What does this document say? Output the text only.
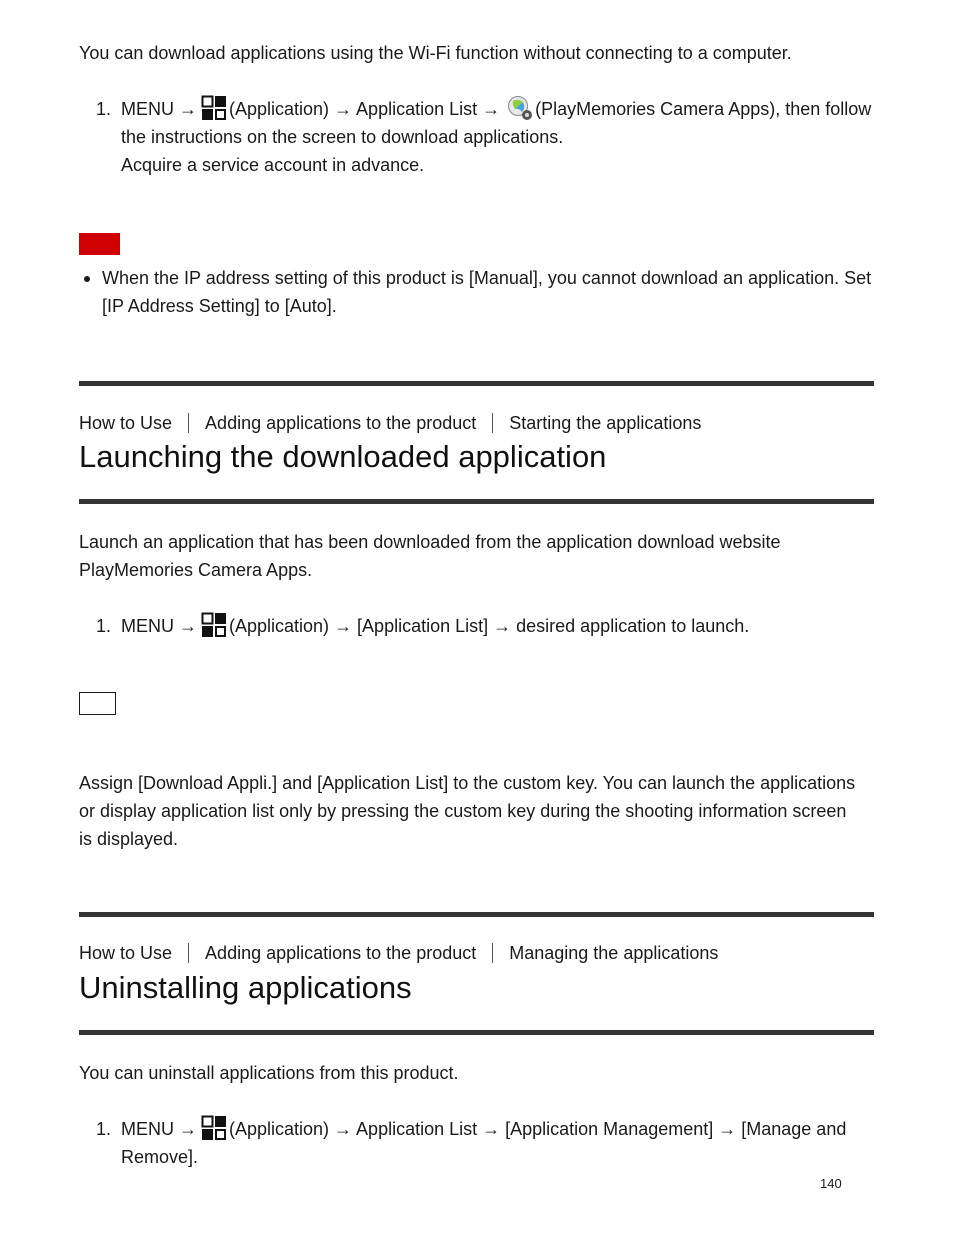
You can download applications using the Wi-Fi function without connecting to a computer.

1. MENU → (Application) → Application List → (PlayMemories Camera Apps), then follow the instructions on the screen to download applications.
Acquire a service account in advance.
When the IP address setting of this product is [Manual], you cannot download an application. Set [IP Address Setting] to [Auto].
How to Use Adding applications to the product Starting the applications
Launching the downloaded application

Launch an application that has been downloaded from the application download website PlayMemories Camera Apps.

1. MENU → (Application) → [Application List] → desired application to launch.

Assign [Download Appli.] and [Application List] to the custom key. You can launch the applications or display application list only by pressing the custom key during the shooting information screen is displayed.

How to Use Adding applications to the product Managing the applications
Uninstalling applications

You can uninstall applications from this product.

1. MENU → (Application) → Application List → [Application Management] → [Manage and Remove].
140
